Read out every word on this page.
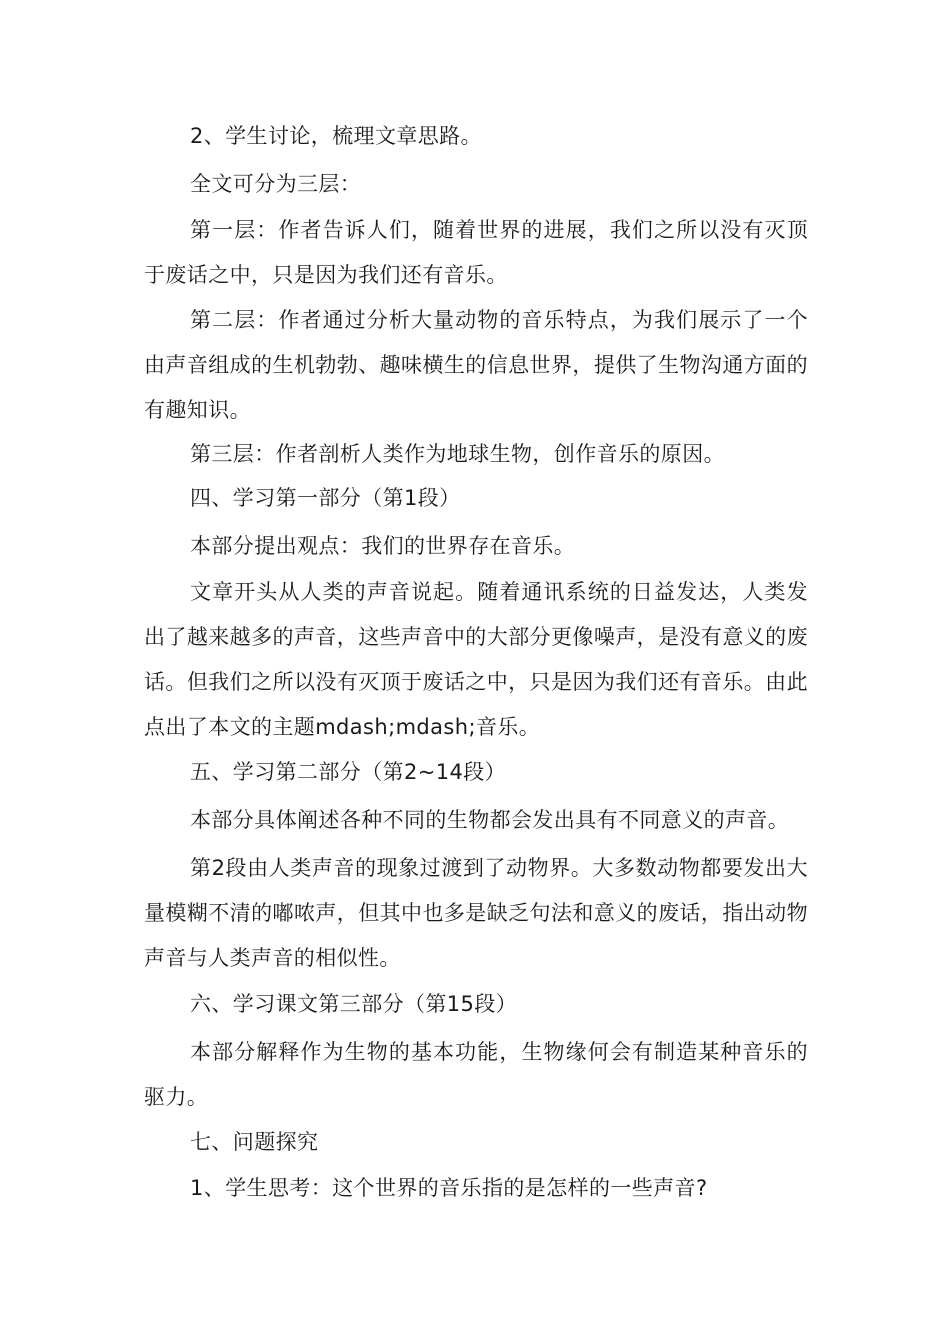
2、学生讨论，梳理文章思路。

全文可分为三层：

第一层：作者告诉人们，随着世界的进展，我们之所以没有灭顶于废话之中，只是因为我们还有音乐。

第二层：作者通过分析大量动物的音乐特点，为我们展示了一个由声音组成的生机勃勃、趣味横生的信息世界，提供了生物沟通方面的有趣知识。

第三层：作者剖析人类作为地球生物，创作音乐的原因。

四、学习第一部分（第1段）

本部分提出观点：我们的世界存在音乐。

文章开头从人类的声音说起。随着通讯系统的日益发达，人类发出了越来越多的声音，这些声音中的大部分更像噪声，是没有意义的废话。但我们之所以没有灭顶于废话之中，只是因为我们还有音乐。由此点出了本文的主题mdash;mdash;音乐。

五、学习第二部分（第2~14段）

本部分具体阐述各种不同的生物都会发出具有不同意义的声音。

第2段由人类声音的现象过渡到了动物界。大多数动物都要发出大量模糊不清的嘟哝声，但其中也多是缺乏句法和意义的废话，指出动物声音与人类声音的相似性。

六、学习课文第三部分（第15段）

本部分解释作为生物的基本功能，生物缘何会有制造某种音乐的驱力。

七、问题探究

1、学生思考：这个世界的音乐指的是怎样的一些声音?
